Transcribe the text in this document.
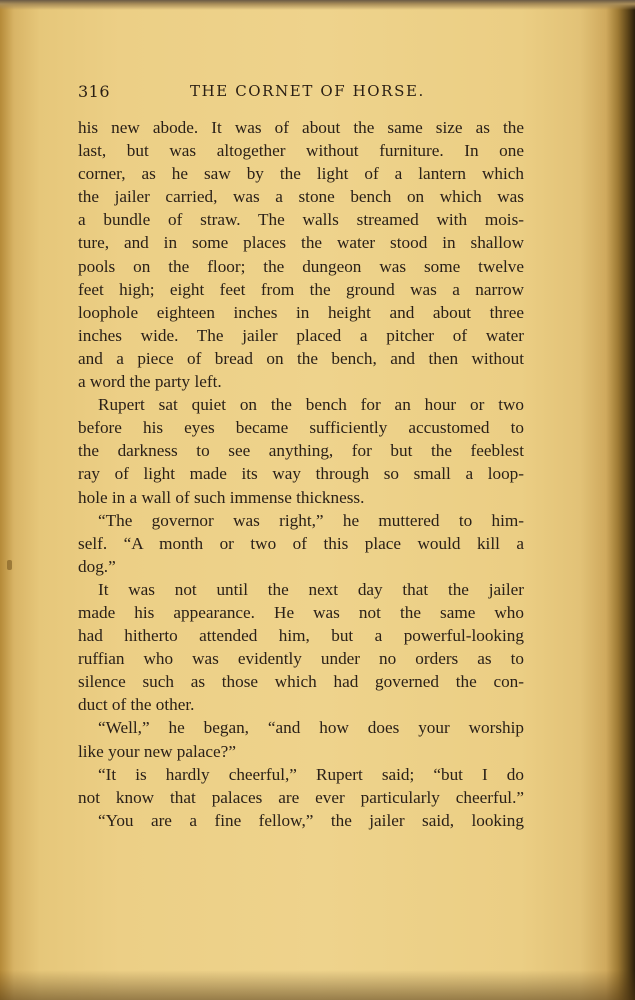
316	THE CORNET OF HORSE.
his new abode. It was of about the same size as the
last, but was altogether without furniture. In one
corner, as he saw by the light of a lantern which
the jailer carried, was a stone bench on which was
a bundle of straw. The walls streamed with mois-
ture, and in some places the water stood in shallow
pools on the floor; the dungeon was some twelve
feet high; eight feet from the ground was a narrow
loophole eighteen inches in height and about three
inches wide. The jailer placed a pitcher of water
and a piece of bread on the bench, and then without
a word the party left.
Rupert sat quiet on the bench for an hour or two
before his eyes became sufficiently accustomed to
the darkness to see anything, for but the feeblest
ray of light made its way through so small a loop-
hole in a wall of such immense thickness.
“The governor was right,” he muttered to him-
self. “A month or two of this place would kill a
dog.”
It was not until the next day that the jailer
made his appearance. He was not the same who
had hitherto attended him, but a powerful-looking
ruffian who was evidently under no orders as to
silence such as those which had governed the con-
duct of the other.
“Well,” he began, “and how does your worship
like your new palace?”
“It is hardly cheerful,” Rupert said; “but I do
not know that palaces are ever particularly cheerful.”
“You are a fine fellow,” the jailer said, looking
